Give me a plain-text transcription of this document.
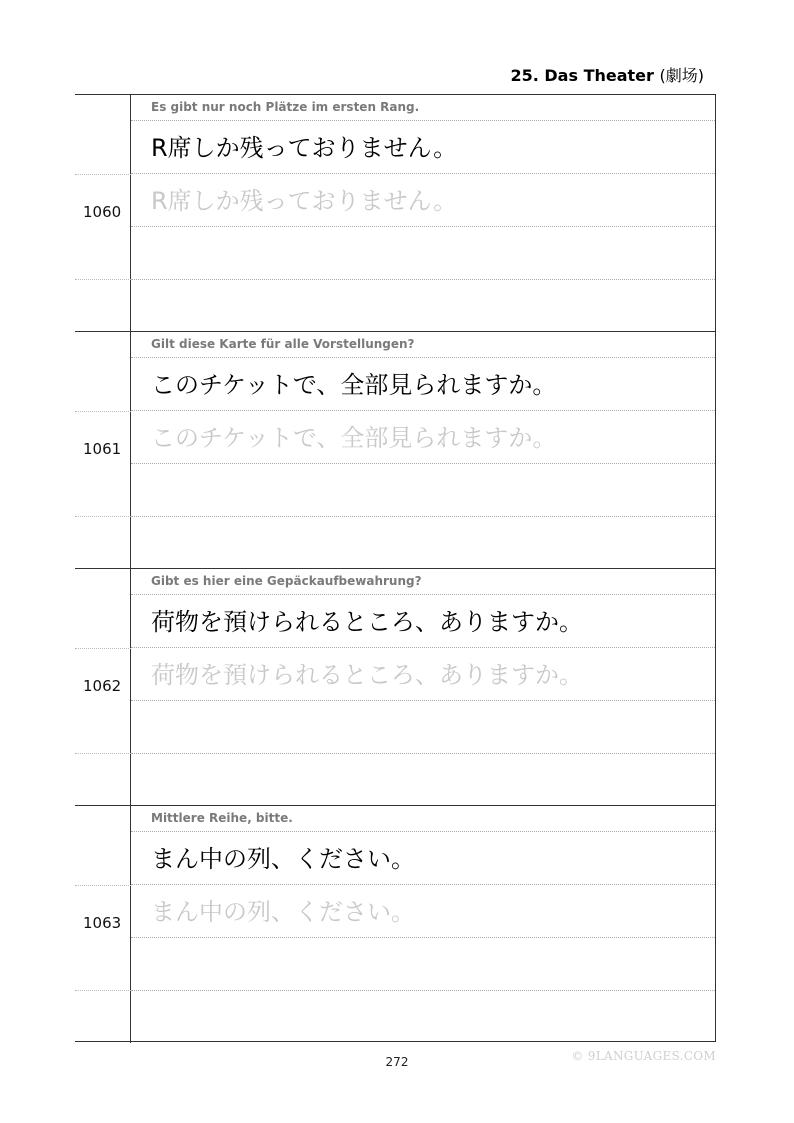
25. Das Theater (劇场)
1060
Es gibt nur noch Plätze im ersten Rang.
R席しか残っておりません。
R席しか残っておりません。
1061
Gilt diese Karte für alle Vorstellungen?
このチケットで、全部見られますか。
このチケットで、全部見られますか。
1062
Gibt es hier eine Gepäckaufbewahrung?
荷物を預けられるところ、ありますか。
荷物を預けられるところ、ありますか。
1063
Mittlere Reihe, bitte.
まん中の列、ください。
まん中の列、ください。
272	© 9LANGUAGES.COM
